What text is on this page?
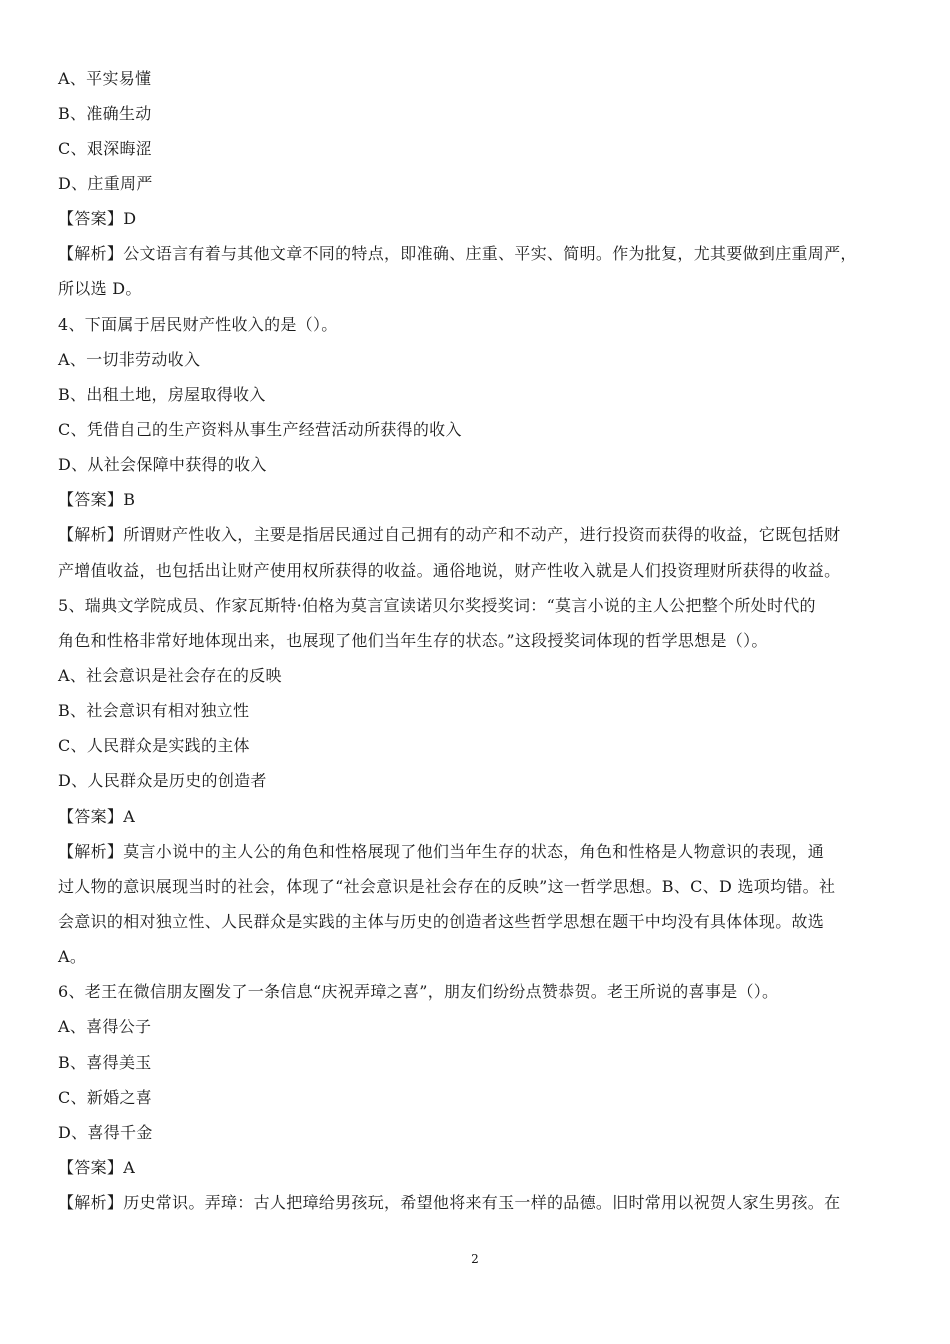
A、平实易懂
B、准确生动
C、艰深晦涩
D、庄重周严
【答案】D
【解析】公文语言有着与其他文章不同的特点，即准确、庄重、平实、简明。作为批复，尤其要做到庄重周严，
所以选 D。
4、下面属于居民财产性收入的是（）。
A、一切非劳动收入
B、出租土地，房屋取得收入
C、凭借自己的生产资料从事生产经营活动所获得的收入
D、从社会保障中获得的收入
【答案】B
【解析】所谓财产性收入，主要是指居民通过自己拥有的动产和不动产，进行投资而获得的收益，它既包括财
产增值收益，也包括出让财产使用权所获得的收益。通俗地说，财产性收入就是人们投资理财所获得的收益。
5、瑞典文学院成员、作家瓦斯特·伯格为莫言宣读诺贝尔奖授奖词：“莫言小说的主人公把整个所处时代的
角色和性格非常好地体现出来，也展现了他们当年生存的状态。”这段授奖词体现的哲学思想是（）。
A、社会意识是社会存在的反映
B、社会意识有相对独立性
C、人民群众是实践的主体
D、人民群众是历史的创造者
【答案】A
【解析】莫言小说中的主人公的角色和性格展现了他们当年生存的状态，角色和性格是人物意识的表现，通
过人物的意识展现当时的社会，体现了“社会意识是社会存在的反映”这一哲学思想。B、C、D 选项均错。社
会意识的相对独立性、人民群众是实践的主体与历史的创造者这些哲学思想在题干中均没有具体体现。故选
A。
6、老王在微信朋友圈发了一条信息“庆祝弄璋之喜”，朋友们纷纷点赞恭贺。老王所说的喜事是（）。
A、喜得公子
B、喜得美玉
C、新婚之喜
D、喜得千金
【答案】A
【解析】历史常识。弄璋：古人把璋给男孩玩，希望他将来有玉一样的品德。旧时常用以祝贺人家生男孩。在
2
